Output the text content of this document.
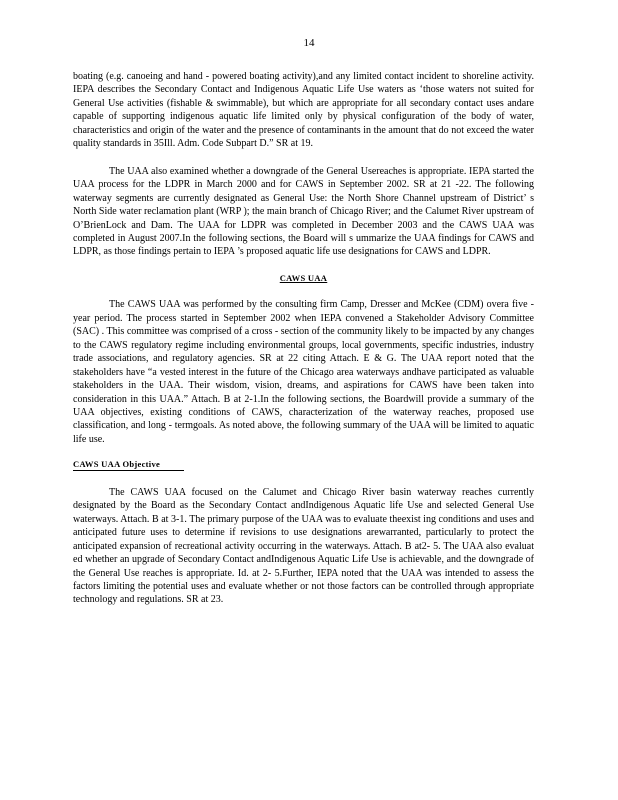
14

boating (e.g. canoeing and hand - powered boating activity),and any limited contact incident to shoreline activity. IEPA describes the Secondary Contact and Indigenous Aquatic Life Use waters as ‘those waters not suited for General Use activities (fishable & swimmable), but which are appropriate for all secondary contact uses andare capable of supporting indigenous aquatic life limited only by physical configuration of the body of water, characteristics and origin of the water and the presence of contaminants in the amount that do not exceed the water quality standards in 35Ill. Adm. Code Subpart D.” SR at 19.

The UAA also examined whether a downgrade of the General Usereaches is appropriate. IEPA started the UAA process for the LDPR in March 2000 and for CAWS in September 2002. SR at 21 -22. The following waterway segments are currently designated as General Use: the North Shore Channel upstream of District’ s North Side water reclamation plant (WRP ); the main branch of Chicago River; and the Calumet River upstream of O’BrienLock and Dam. The UAA for LDPR was completed in December 2003 and the CAWS UAA was completed in August 2007.In the following sections, the Board will s ummarize the UAA findings for CAWS and LDPR, as those findings pertain to IEPA ’s proposed aquatic life use designations for CAWS and LDPR.

CAWS UAA

The CAWS UAA was performed by the consulting firm Camp, Dresser and McKee (CDM) overa five - year period. The process started in September 2002 when IEPA convened a Stakeholder Advisory Committee (SAC) . This committee was comprised of a cross - section of the community likely to be impacted by any changes to the CAWS regulatory regime including environmental groups, local governments, specific industries, industry trade associations, and regulatory agencies. SR at 22 citing Attach. E & G. The UAA report noted that the stakeholders have “a vested interest in the future of the Chicago area waterways andhave participated as valuable stakeholders in the UAA. Their wisdom, vision, dreams, and aspirations for CAWS have been taken into consideration in this UAA.” Attach. B at 2-1.In the following sections, the Boardwill provide a summary of the UAA objectives, existing conditions of CAWS, characterization of the waterway reaches, proposed use classification, and long - termgoals. As noted above, the following summary of the UAA will be limited to aquatic life use.

CAWS UAA Objective

The CAWS UAA focused on the Calumet and Chicago River basin waterway reaches currently designated by the Board as the Secondary Contact andIndigenous Aquatic life Use and selected General Use waterways. Attach. B at 3-1. The primary purpose of the UAA was to evaluate theexist ing conditions and uses and anticipated future uses to determine if revisions to use designations arewarranted, particularly to protect the anticipated expansion of recreational activity occurring in the waterways. Attach. B at2- 5. The UAA also evaluat ed whether an upgrade of Secondary Contact andIndigenous Aquatic Life Use is achievable, and the downgrade of the General Use reaches is appropriate. Id. at 2- 5.Further, IEPA noted that the UAA was intended to assess the factors limiting the potential uses and evaluate whether or not those factors can be controlled through appropriate technology and regulations. SR at 23.
